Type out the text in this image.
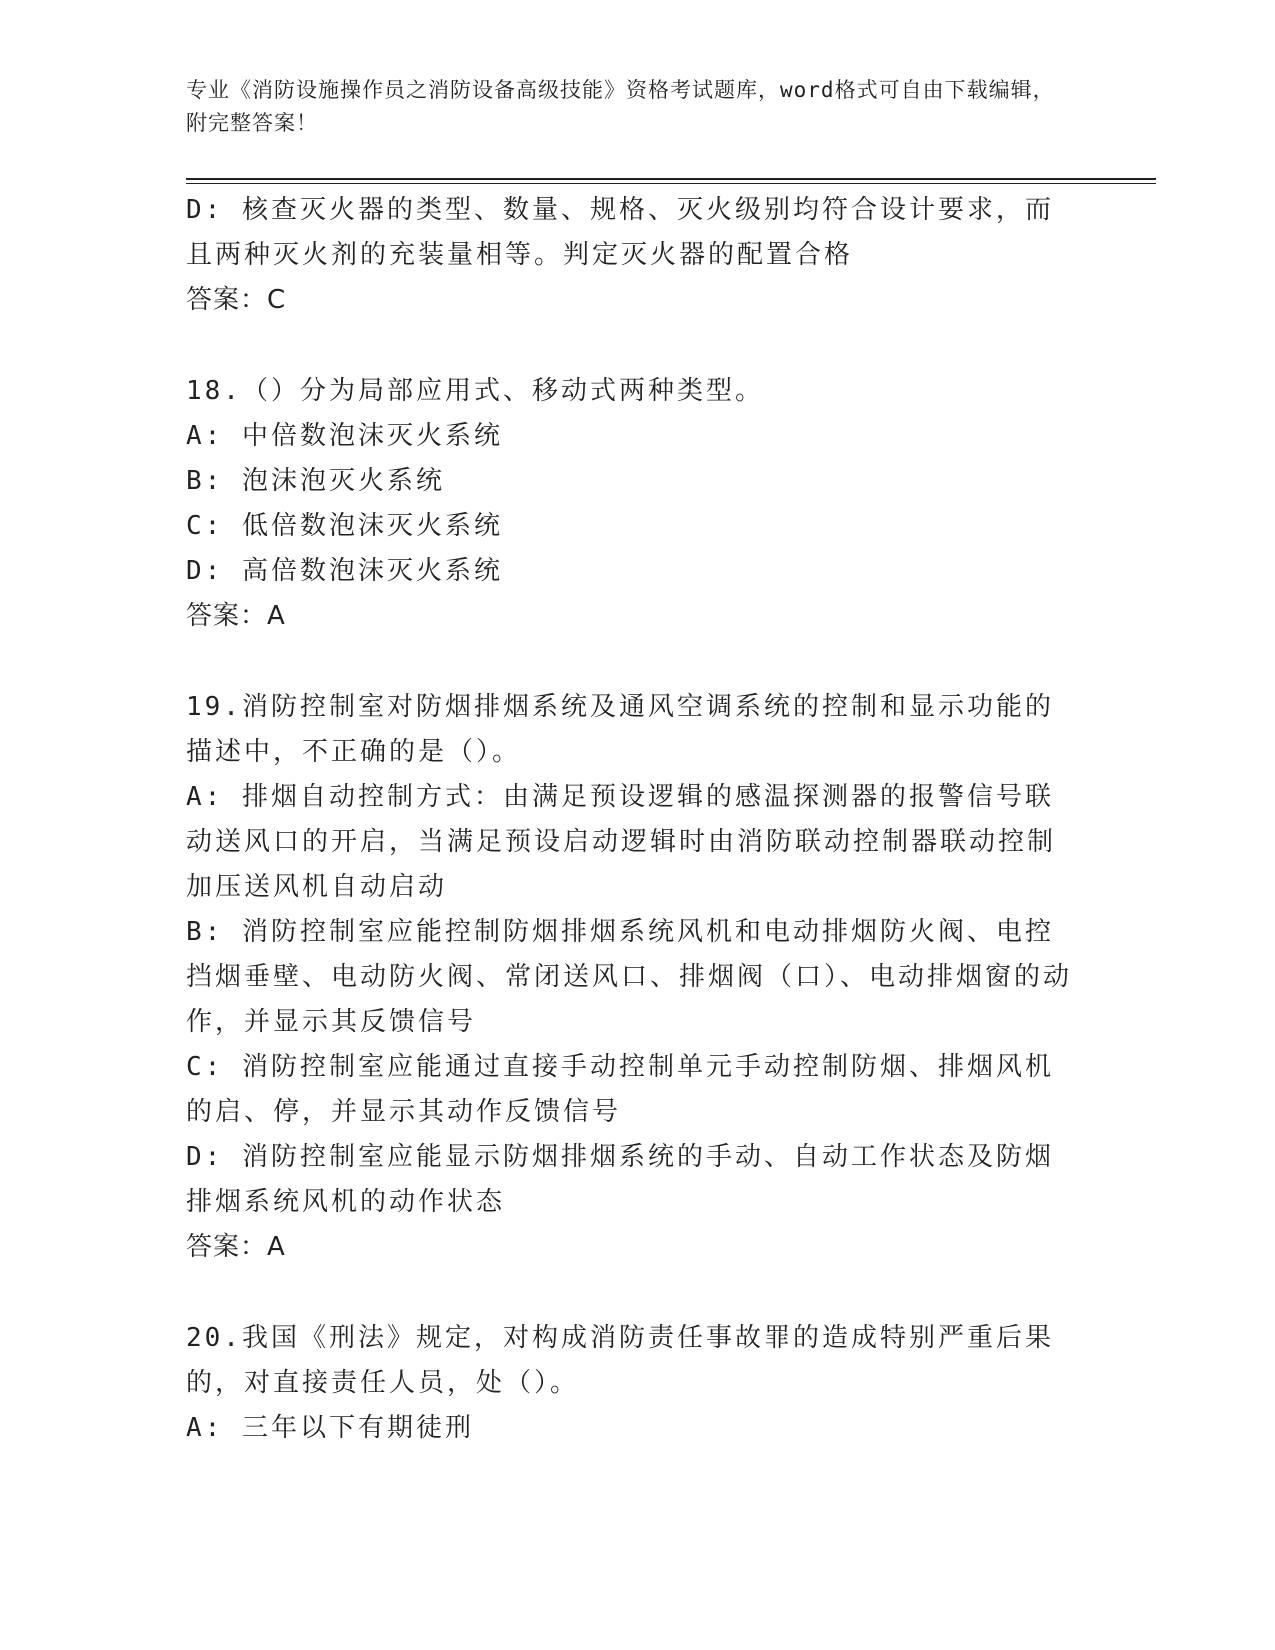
专业《消防设施操作员之消防设备高级技能》资格考试题库，word格式可自由下载编辑，附完整答案！

D: 核查灭火器的类型、数量、规格、灭火级别均符合设计要求，而且两种灭火剂的充装量相等。判定灭火器的配置合格

答案：C

18.（）分为局部应用式、移动式两种类型。

A: 中倍数泡沫灭火系统

B: 泡沫泡灭火系统

C: 低倍数泡沫灭火系统

D: 高倍数泡沫灭火系统

答案：A

19.消防控制室对防烟排烟系统及通风空调系统的控制和显示功能的描述中，不正确的是（）。

A: 排烟自动控制方式：由满足预设逻辑的感温探测器的报警信号联动送风口的开启，当满足预设启动逻辑时由消防联动控制器联动控制加压送风机自动启动

B: 消防控制室应能控制防烟排烟系统风机和电动排烟防火阀、电控挡烟垂壁、电动防火阀、常闭送风口、排烟阀（口）、电动排烟窗的动作，并显示其反馈信号

C: 消防控制室应能通过直接手动控制单元手动控制防烟、排烟风机的启、停，并显示其动作反馈信号

D: 消防控制室应能显示防烟排烟系统的手动、自动工作状态及防烟排烟系统风机的动作状态

答案：A

20.我国《刑法》规定，对构成消防责任事故罪的造成特别严重后果的，对直接责任人员，处（）。

A: 三年以下有期徒刑
